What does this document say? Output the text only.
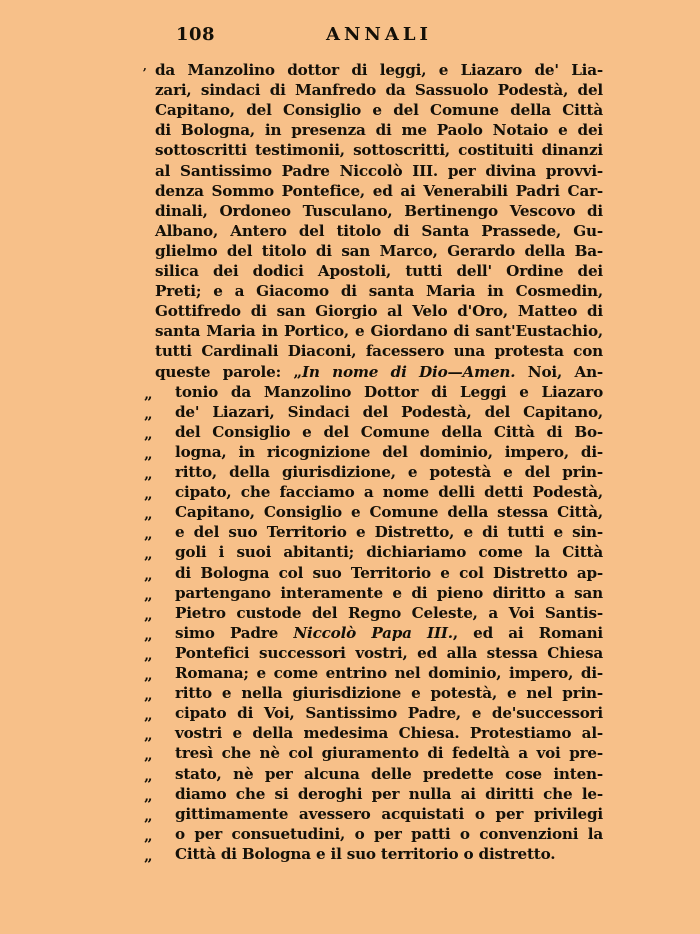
108	ANNALI
, da Manzolino dottor di leggi, e Liazaro de' Lia-
zari, sindaci di Manfredo da Sassuolo Podestà, del
Capitano, del Consiglio e del Comune della Città
di Bologna, in presenza di me Paolo Notaio e dei
sottoscritti testimonii, sottoscritti, costituiti dinanzi
al Santissimo Padre Niccolò III. per divina provvi-
denza Sommo Pontefice, ed ai Venerabili Padri Car-
dinali, Ordoneo Tusculano, Bertinengo Vescovo di
Albano, Antero del titolo di Santa Prassede, Gu-
glielmo del titolo di san Marco, Gerardo della Ba-
silica dei dodici Apostoli, tutti dell' Ordine dei
Preti; e a Giacomo di santa Maria in Cosmedin,
Gottifredo di san Giorgio al Velo d'Oro, Matteo di
santa Maria in Portico, e Giordano di sant'Eustachio,
tutti Cardinali Diaconi, facessero una protesta con
queste parole: „In nome di Dio—Amen. Noi, An-
„ tonio da Manzolino Dottor di Leggi e Liazaro
„ de' Liazari, Sindaci del Podestà, del Capitano,
„ del Consiglio e del Comune della Città di Bo-
„ logna, in ricognizione del dominio, impero, di-
„ ritto, della giurisdizione, e potestà e del prin-
„ cipato, che facciamo a nome delli detti Podestà,
„ Capitano, Consiglio e Comune della stessa Città,
„ e del suo Territorio e Distretto, e di tutti e sin-
„ goli i suoi abitanti; dichiariamo come la Città
„ di Bologna col suo Territorio e col Distretto ap-
„ partengano interamente e di pieno diritto a san
„ Pietro custode del Regno Celeste, a Voi Santis-
„ simo Padre Niccolò Papa III., ed ai Romani
„ Pontefici successori vostri, ed alla stessa Chiesa
„ Romana; e come entrino nel dominio, impero, di-
„ ritto e nella giurisdizione e potestà, e nel prin-
„ cipato di Voi, Santissimo Padre, e de'successori
„ vostri e della medesima Chiesa. Protestiamo al-
„ tresì che nè col giuramento di fedeltà a voi pre-
„ stato, nè per alcuna delle predette cose inten-
„ diamo che si deroghi per nulla ai diritti che le-
„ gittimamente avessero acquistati o per privilegi
„ o per consuetudini, o per patti o convenzioni la
„ Città di Bologna e il suo territorio o distretto.
